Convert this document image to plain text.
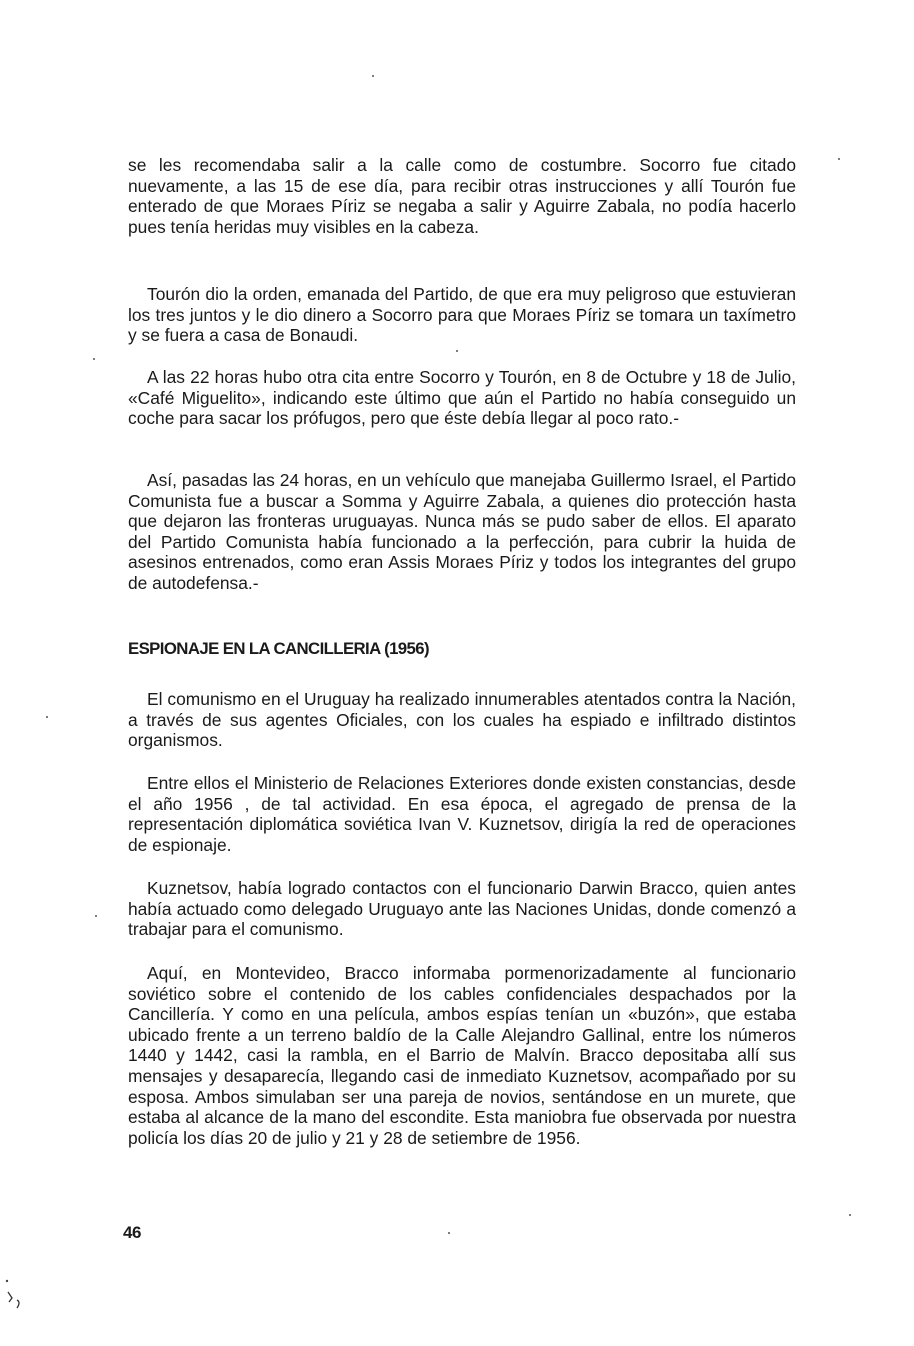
se les recomendaba salir a la calle como de costumbre. Socorro fue citado nuevamente, a las 15 de ese día, para recibir otras instrucciones y allí Tourón fue enterado de que Moraes Píriz se negaba a salir y Aguirre Zabala, no podía hacerlo pues tenía heridas muy visibles en la cabeza.

Tourón dio la orden, emanada del Partido, de que era muy peligroso que estuvieran los tres juntos y le dio dinero a Socorro para que Moraes Píriz se tomara un taxímetro y se fuera a casa de Bonaudi.

A las 22 horas hubo otra cita entre Socorro y Tourón, en 8 de Octubre y 18 de Julio, «Café Miguelito», indicando este último que aún el Partido no había conseguido un coche para sacar los prófugos, pero que éste debía llegar al poco rato.-

Así, pasadas las 24 horas, en un vehículo que manejaba Guillermo Israel, el Partido Comunista fue a buscar a Somma y Aguirre Zabala, a quienes dio protección hasta que dejaron las fronteras uruguayas. Nunca más se pudo saber de ellos. El aparato del Partido Comunista había funcionado a la perfección, para cubrir la huida de asesinos entrenados, como eran Assis Moraes Píriz y todos los integrantes del grupo de autodefensa.-

ESPIONAJE EN LA CANCILLERIA (1956)

El comunismo en el Uruguay ha realizado innumerables atentados contra la Nación, a través de sus agentes Oficiales, con los cuales ha espiado e infiltrado distintos organismos.

Entre ellos el Ministerio de Relaciones Exteriores donde existen constancias, desde el año 1956 , de tal actividad. En esa época, el agregado de prensa de la representación diplomática soviética Ivan V. Kuznetsov, dirigía la red de operaciones de espionaje.

Kuznetsov, había logrado contactos con el funcionario Darwin Bracco, quien antes había actuado como delegado Uruguayo ante las Naciones Unidas, donde comenzó a trabajar para el comunismo.

Aquí, en Montevideo, Bracco informaba pormenorizadamente al funcionario soviético sobre el contenido de los cables confidenciales despachados por la Cancillería. Y como en una película, ambos espías tenían un «buzón», que estaba ubicado frente a un terreno baldío de la Calle Alejandro Gallinal, entre los números 1440 y 1442, casi la rambla, en el Barrio de Malvín. Bracco depositaba allí sus mensajes y desaparecía, llegando casi de inmediato Kuznetsov, acompañado por su esposa. Ambos simulaban ser una pareja de novios, sentándose en un murete, que estaba al alcance de la mano del escondite. Esta maniobra fue observada por nuestra policía los días 20 de julio y 21 y 28 de setiembre de 1956.

46
